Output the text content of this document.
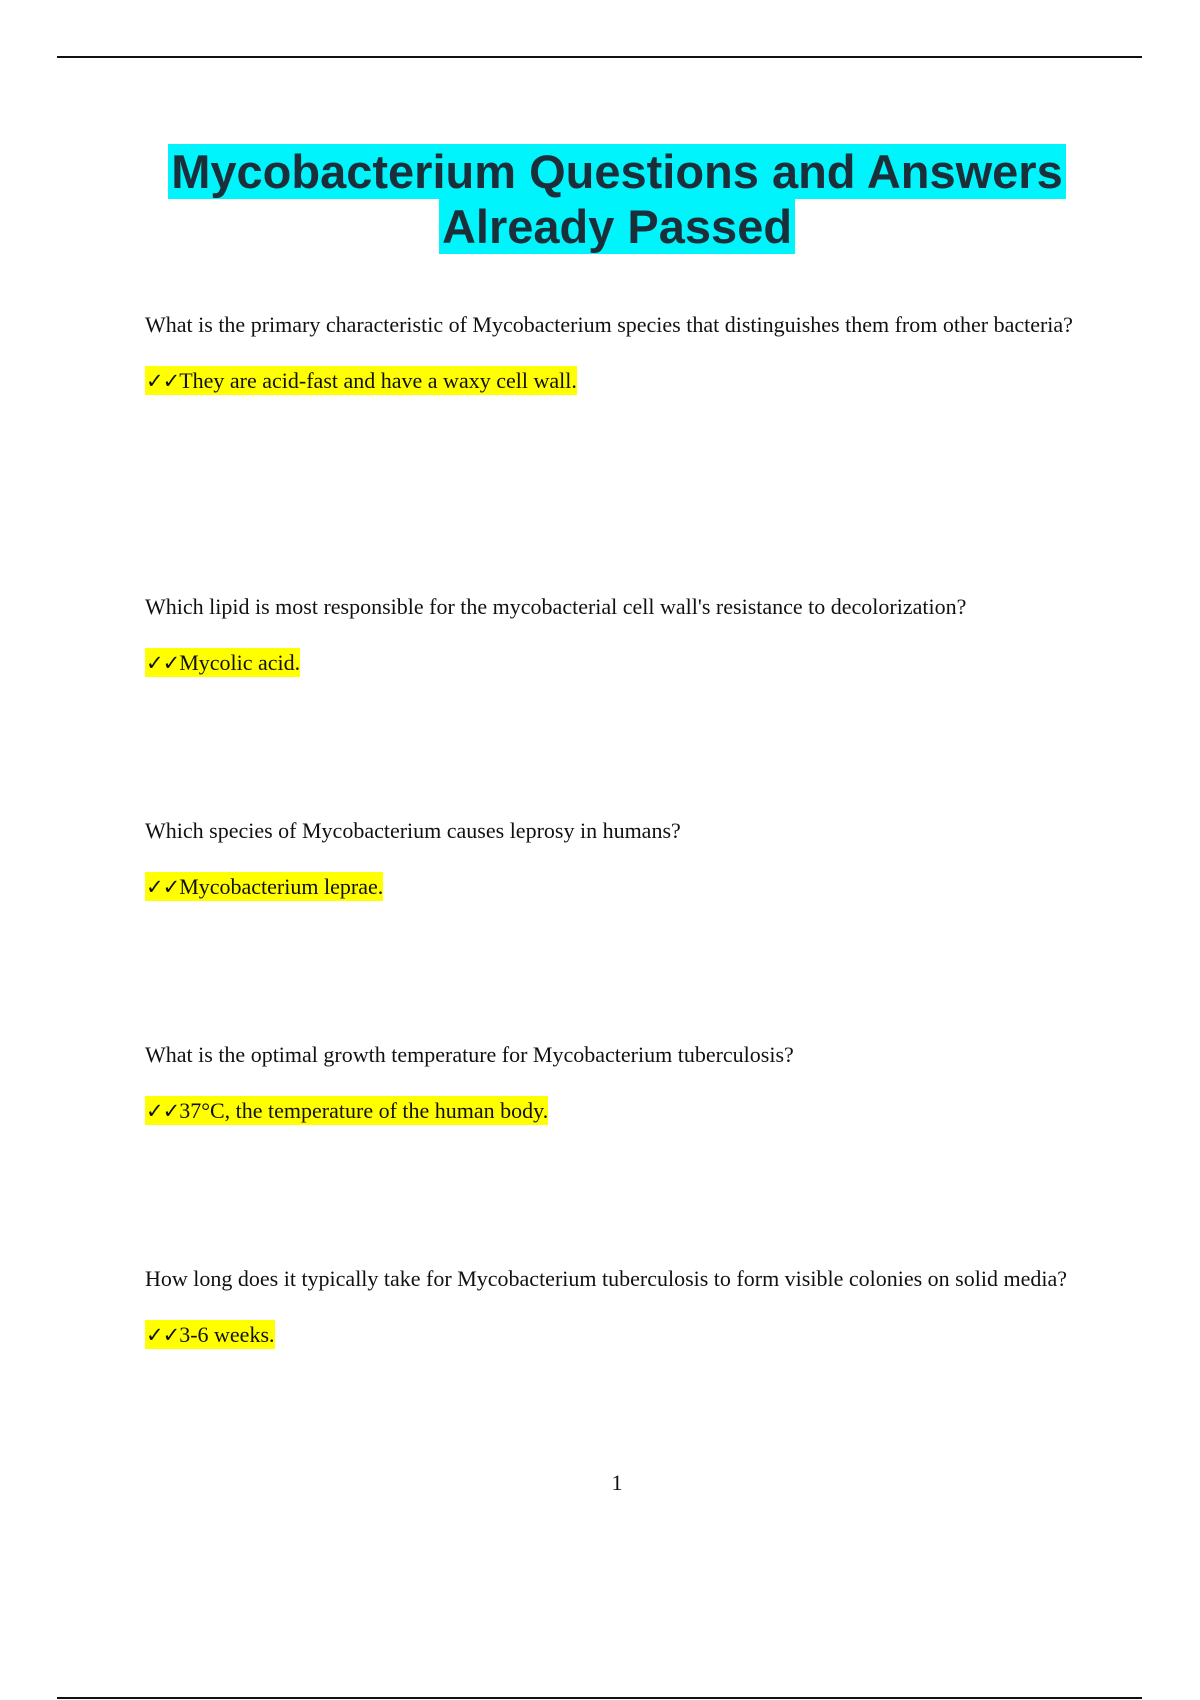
Mycobacterium Questions and Answers
Already Passed

What is the primary characteristic of Mycobacterium species that distinguishes them from other bacteria?

✓✓They are acid-fast and have a waxy cell wall.

Which lipid is most responsible for the mycobacterial cell wall's resistance to decolorization?

✓✓Mycolic acid.

Which species of Mycobacterium causes leprosy in humans?

✓✓Mycobacterium leprae.

What is the optimal growth temperature for Mycobacterium tuberculosis?

✓✓37°C, the temperature of the human body.

How long does it typically take for Mycobacterium tuberculosis to form visible colonies on solid media?

✓✓3-6 weeks.

1
